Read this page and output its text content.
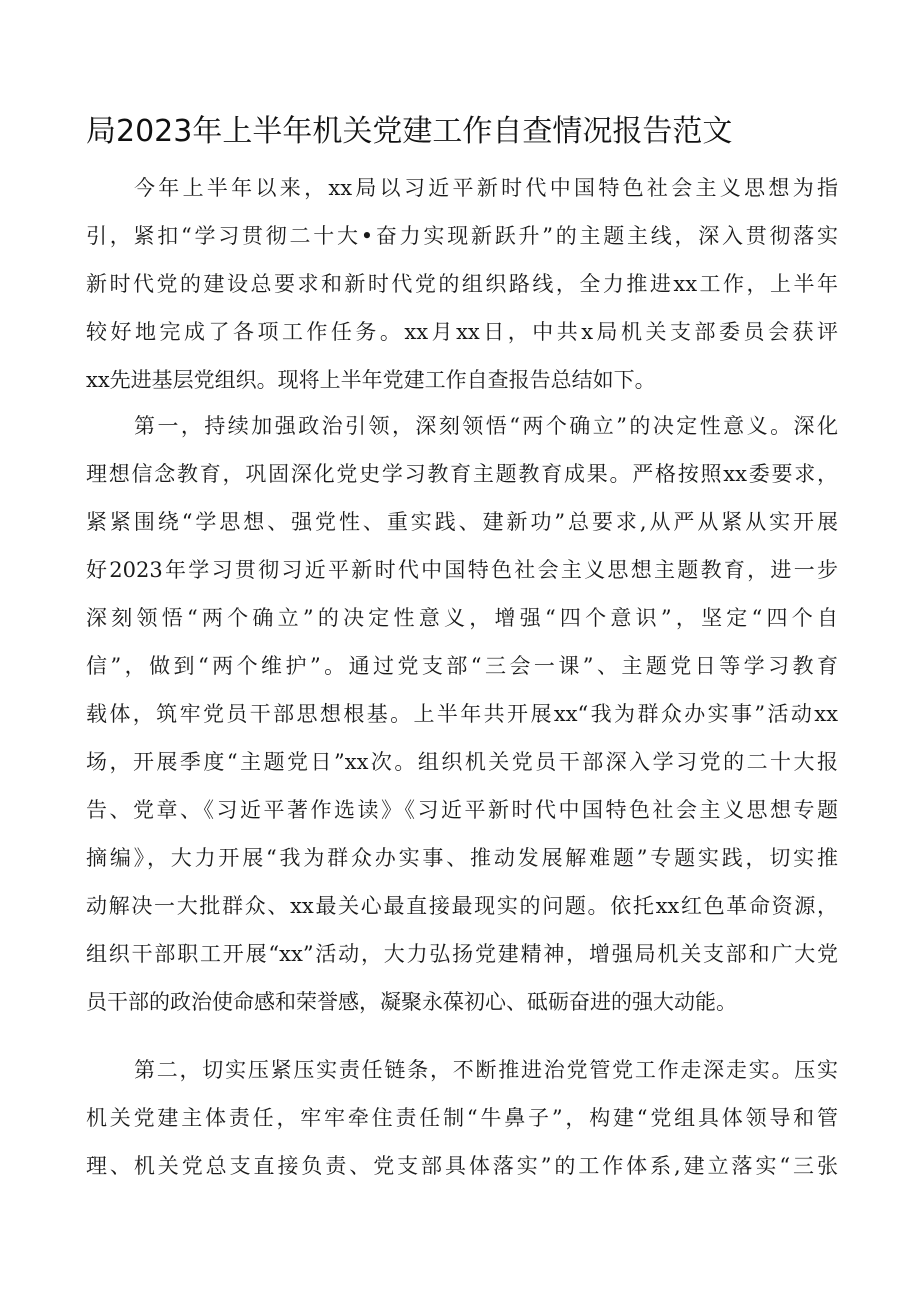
局2023年上半年机关党建工作自查情况报告范文
今年上半年以来，xx局以习近平新时代中国特色社会主义思想为指
引，紧扣“学习贯彻二十大•奋力实现新跃升”的主题主线，深入贯彻落实
新时代党的建设总要求和新时代党的组织路线，全力推进xx工作，上半年
较好地完成了各项工作任务。xx月xx日，中共x局机关支部委员会获评
xx先进基层党组织。现将上半年党建工作自查报告总结如下。
第一，持续加强政治引领，深刻领悟“两个确立”的决定性意义。深化
理想信念教育，巩固深化党史学习教育主题教育成果。严格按照xx委要求，
紧紧围绕“学思想、强党性、重实践、建新功”总要求,从严从紧从实开展
好2023年学习贯彻习近平新时代中国特色社会主义思想主题教育，进一步
深刻领悟“两个确立”的决定性意义，增强“四个意识”，坚定“四个自
信”，做到“两个维护”。通过党支部“三会一课”、主题党日等学习教育
载体，筑牢党员干部思想根基。上半年共开展xx“我为群众办实事”活动xx
场，开展季度“主题党日”xx次。组织机关党员干部深入学习党的二十大报
告、党章、《习近平著作选读》《习近平新时代中国特色社会主义思想专题
摘编》，大力开展“我为群众办实事、推动发展解难题”专题实践，切实推
动解决一大批群众、xx最关心最直接最现实的问题。依托xx红色革命资源，
组织干部职工开展“xx”活动，大力弘扬党建精神，增强局机关支部和广大党
员干部的政治使命感和荣誉感，凝聚永葆初心、砥砺奋进的强大动能。
第二，切实压紧压实责任链条，不断推进治党管党工作走深走实。压实
机关党建主体责任，牢牢牵住责任制“牛鼻子”，构建“党组具体领导和管
理、机关党总支直接负责、党支部具体落实”的工作体系,建立落实“三张
